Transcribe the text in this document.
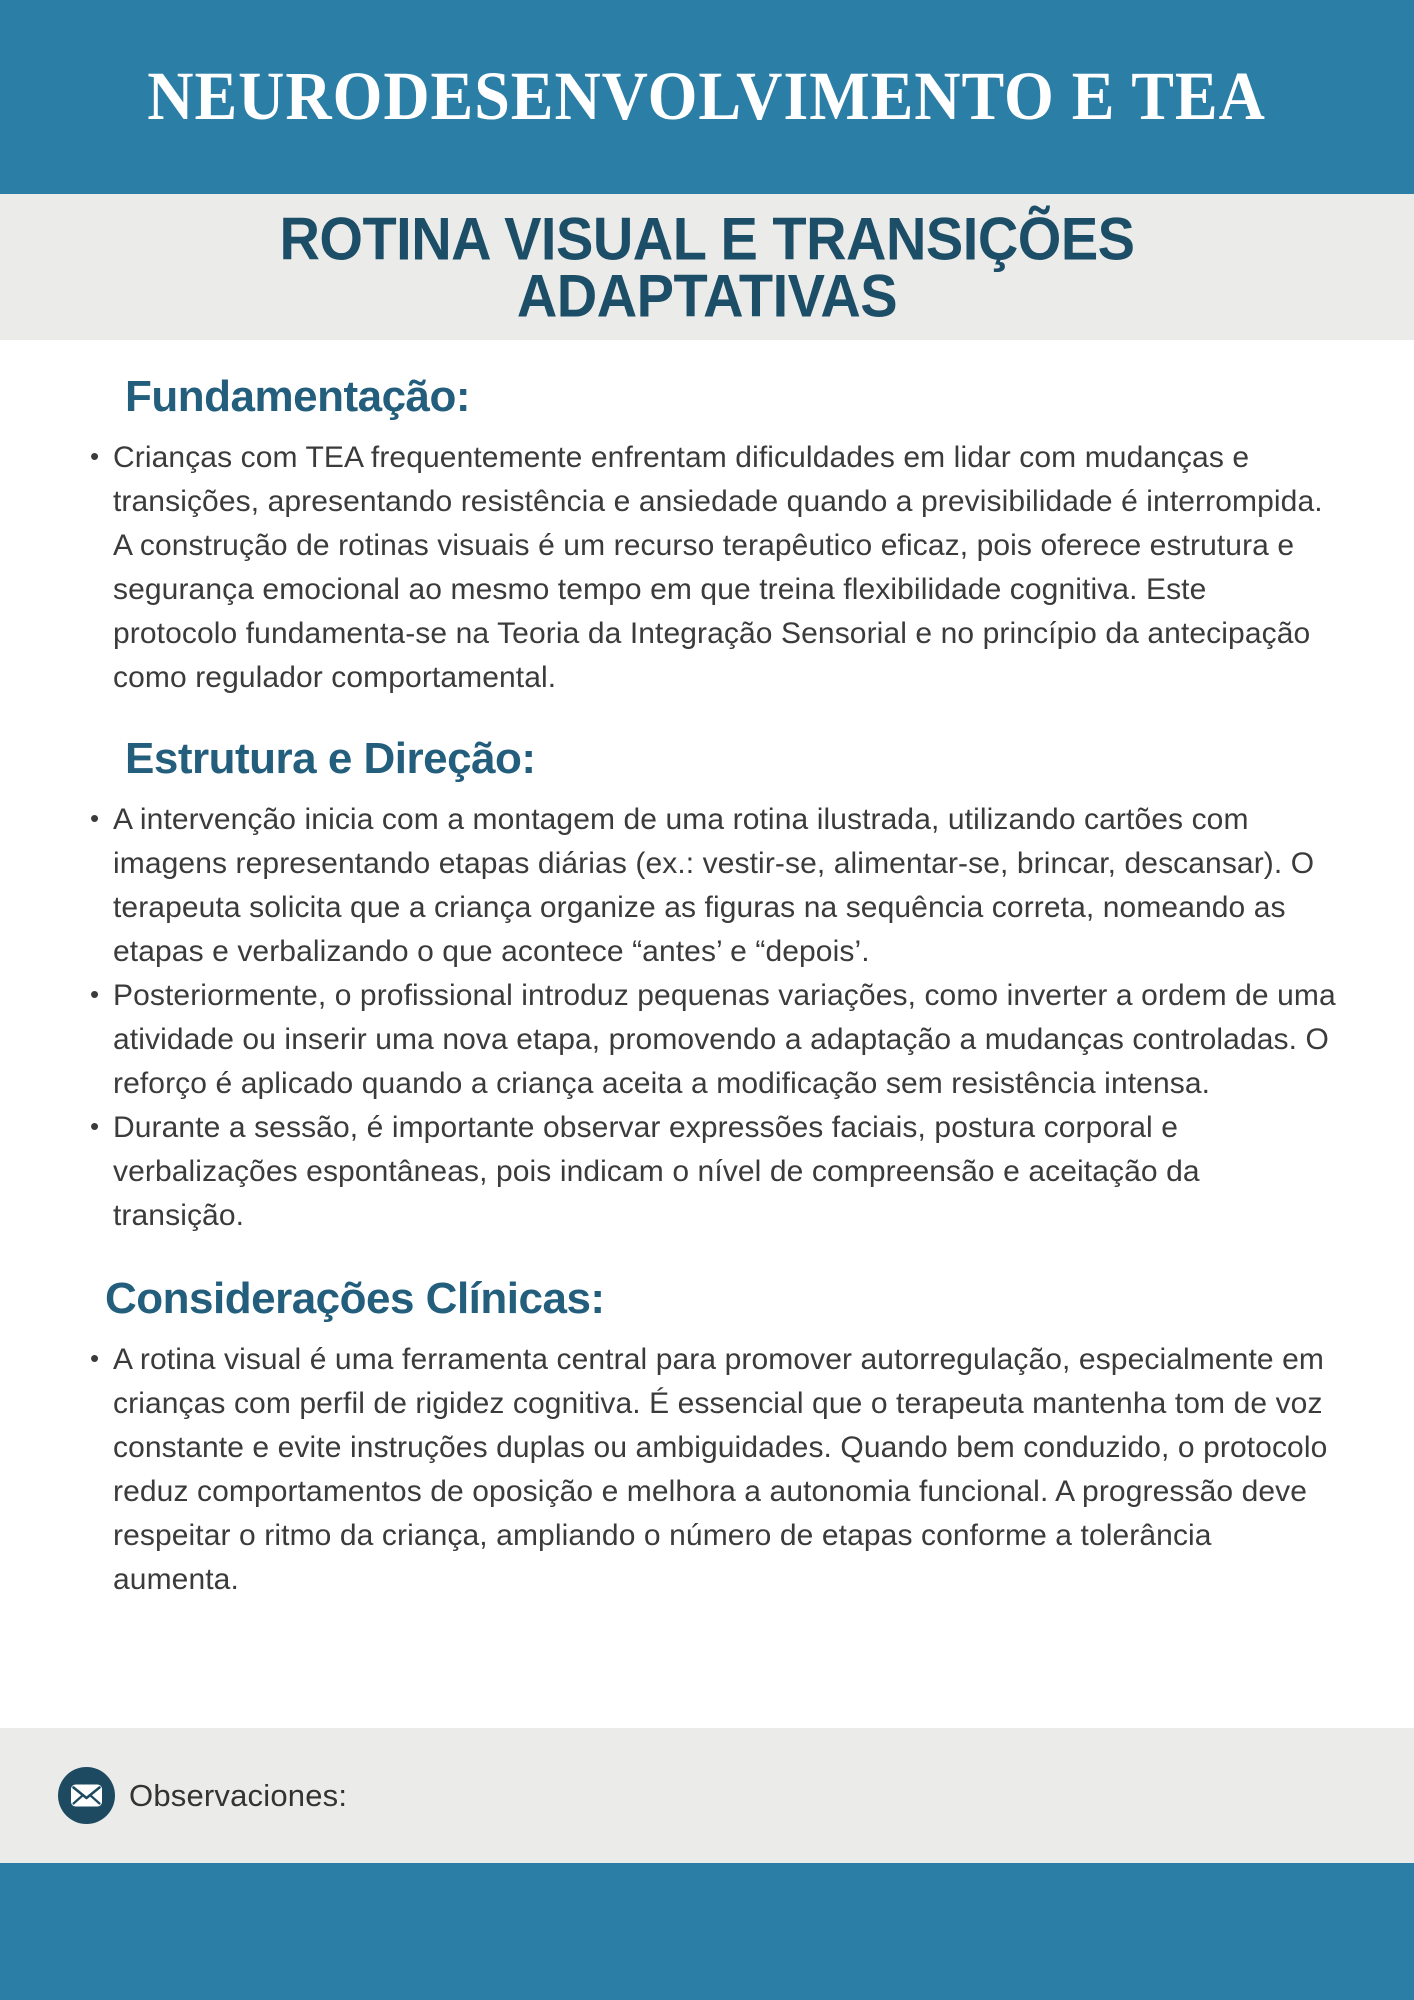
NEURODESENVOLVIMENTO E TEA
ROTINA VISUAL E TRANSIÇÕES
ADAPTATIVAS
Fundamentação:
• Crianças com TEA frequentemente enfrentam dificuldades em lidar com mudanças e transições, apresentando resistência e ansiedade quando a previsibilidade é interrompida. A construção de rotinas visuais é um recurso terapêutico eficaz, pois oferece estrutura e segurança emocional ao mesmo tempo em que treina flexibilidade cognitiva. Este protocolo fundamenta-se na Teoria da Integração Sensorial e no princípio da antecipação como regulador comportamental.
Estrutura e Direção:
• A intervenção inicia com a montagem de uma rotina ilustrada, utilizando cartões com imagens representando etapas diárias (ex.: vestir-se, alimentar-se, brincar, descansar). O terapeuta solicita que a criança organize as figuras na sequência correta, nomeando as etapas e verbalizando o que acontece “antes’ e “depois’.
• Posteriormente, o profissional introduz pequenas variações, como inverter a ordem de uma atividade ou inserir uma nova etapa, promovendo a adaptação a mudanças controladas. O reforço é aplicado quando a criança aceita a modificação sem resistência intensa.
• Durante a sessão, é importante observar expressões faciais, postura corporal e verbalizações espontâneas, pois indicam o nível de compreensão e aceitação da transição.
Considerações Clínicas:
• A rotina visual é uma ferramenta central para promover autorregulação, especialmente em crianças com perfil de rigidez cognitiva. É essencial que o terapeuta mantenha tom de voz constante e evite instruções duplas ou ambiguidades. Quando bem conduzido, o protocolo reduz comportamentos de oposição e melhora a autonomia funcional. A progressão deve respeitar o ritmo da criança, ampliando o número de etapas conforme a tolerância aumenta.
Observaciones:
